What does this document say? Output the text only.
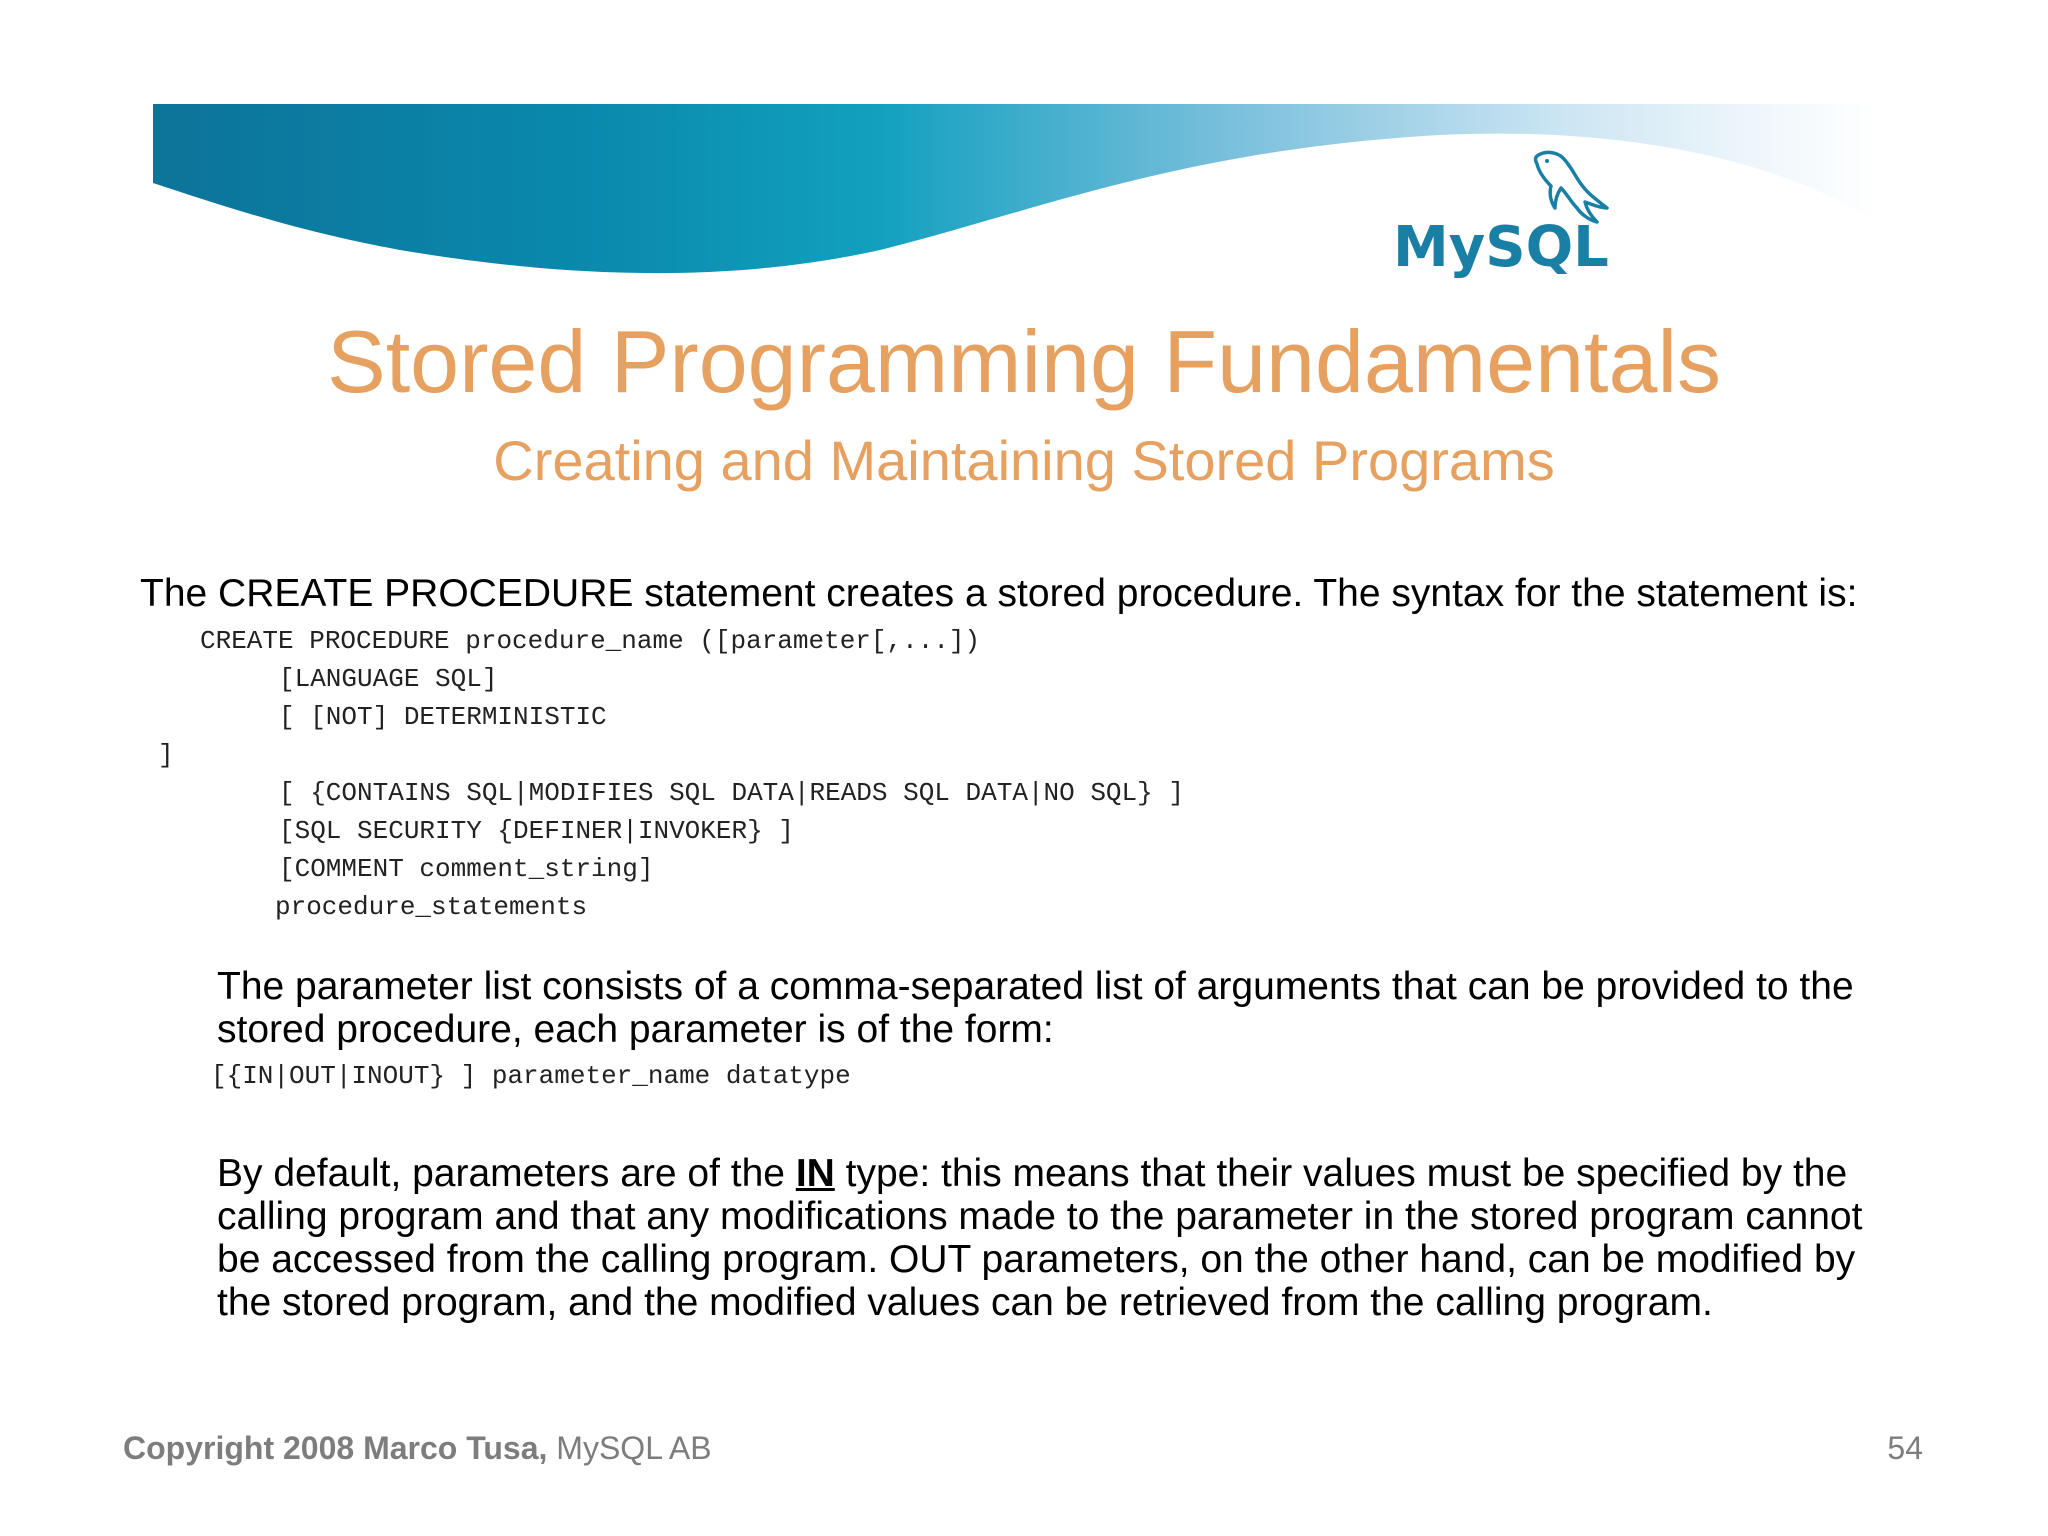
MySQL
Stored Programming Fundamentals
Creating and Maintaining Stored Programs
The CREATE PROCEDURE statement creates a stored procedure. The syntax for the statement is:
CREATE PROCEDURE procedure_name ([parameter[,...])
[LANGUAGE SQL]
[ [NOT] DETERMINISTIC
]
[ {CONTAINS SQL|MODIFIES SQL DATA|READS SQL DATA|NO SQL} ]
[SQL SECURITY {DEFINER|INVOKER} ]
[COMMENT comment_string]
procedure_statements
The parameter list consists of a comma-separated list of arguments that can be provided to the
stored procedure, each parameter is of the form:
[{IN|OUT|INOUT} ] parameter_name datatype
By default, parameters are of the IN type: this means that their values must be specified by the
calling program and that any modifications made to the parameter in the stored program cannot
be accessed from the calling program. OUT parameters, on the other hand, can be modified by
the stored program, and the modified values can be retrieved from the calling program.
Copyright 2008 Marco Tusa, MySQL AB	54
